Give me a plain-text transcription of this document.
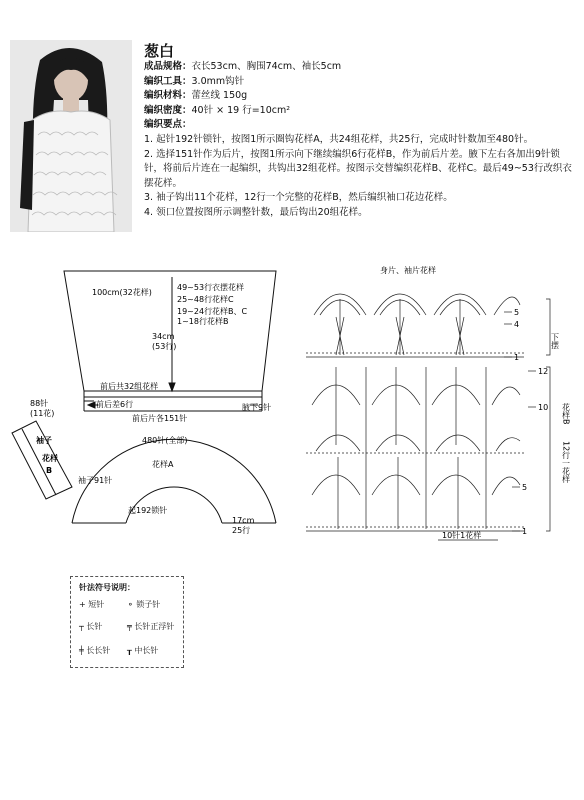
葱白
成品规格：衣长53cm、胸围74cm、袖长5cm
编织工具：3.0mm钩针
编织材料：蕾丝线 150g
编织密度：40针 × 19 行=10cm²
编织要点：
1. 起针192针锁针，按图1所示圈钩花样A，共24组花样，共25行，完成时针数加至480针。
2. 选择151针作为后片，按图1所示向下继续编织6行花样B，作为前后片差。腋下左右各加出9针锁针，将前后片连在一起编织，共钩出32组花样。按图示交替编织花样B、花样C。最后49~53行改织衣摆花样。
3. 袖子钩出11个花样，12行一个完整的花样B，然后编织袖口花边花样。
4. 领口位置按图所示调整针数，最后钩出20组花样。
100cm(32花样)
49~53行衣摆花样
25~48行花样C
19~24行花样B、C
1~18行花样B
34cm
(53行)
前后共32组花样
前后差6行	腋下9针
前后片各151针
480针(全部)
花样A
袖子91针
起192锁针
17cm
25行
88针
(11花)
袖子
花样
B
身片、袖片花样
5
4
1
12
10
5
1
10针1花样
下摆
花样B
12行一花样
针法符号说明：
+ 短针	⚬ 锁子针
┬ 长针	╤ 长针正浮针
╪ 长长针 ┰ 中长针
